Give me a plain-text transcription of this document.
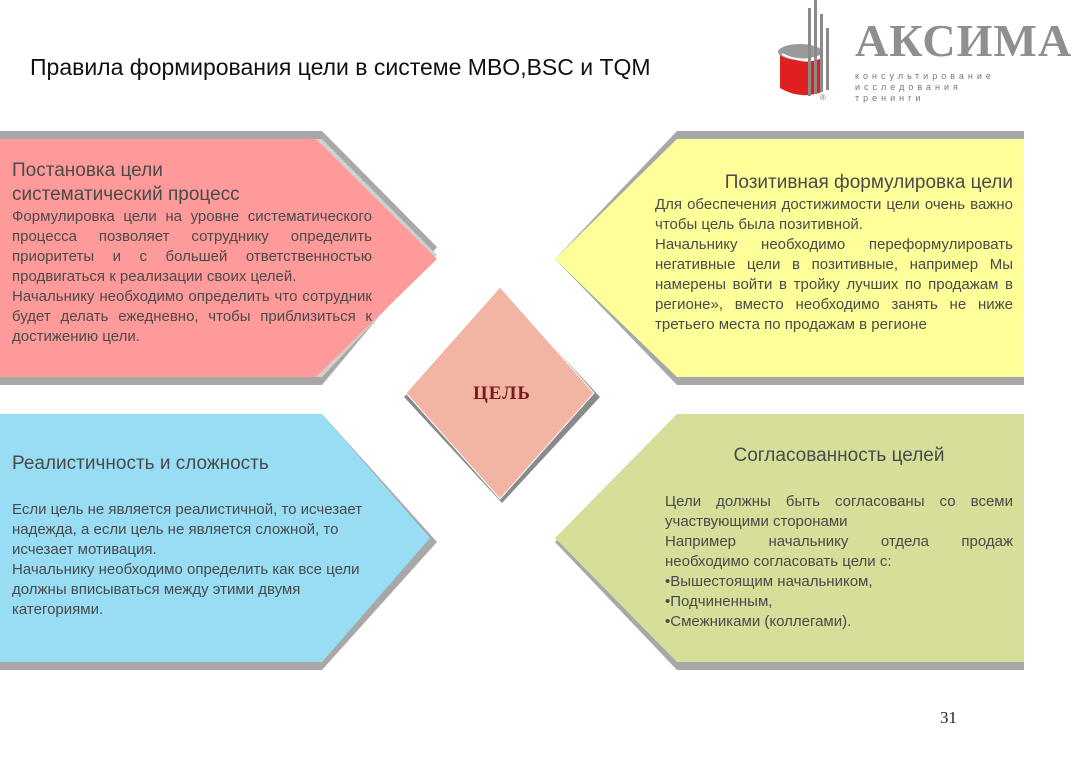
Правила формирования цели в системе MBO,BSC и TQM
АКСИМА
консультирование
исследования
тренинги
®
Постановка цели
систематический процесс

Формулировка цели на уровне систематического процесса позволяет сотруднику определить приоритеты и с большей ответственностью продвигаться к реализации своих целей.

Начальнику необходимо определить что сотрудник будет делать ежедневно, чтобы приблизиться к достижению цели.

Позитивная формулировка цели

Для обеспечения достижимости цели очень важно чтобы цель была позитивной.

Начальнику необходимо переформулировать негативные цели в позитивные, например Мы намерены войти в тройку лучших по продажам в регионе», вместо необходимо занять не ниже третьего места по продажам в регионе

Реалистичность и сложность

Если цель не является реалистичной, то исчезает надежда, а если цель не является сложной, то исчезает мотивация.

Начальнику необходимо определить как все цели должны вписываться между этими двумя категориями.

Согласованность целей

Цели должны быть согласованы со всеми участвующими сторонами

Например начальнику отдела продаж необходимо согласовать цели с:

•Вышестоящим начальником,

•Подчиненным,

•Смежниками (коллегами).

ЦЕЛЬ
31
